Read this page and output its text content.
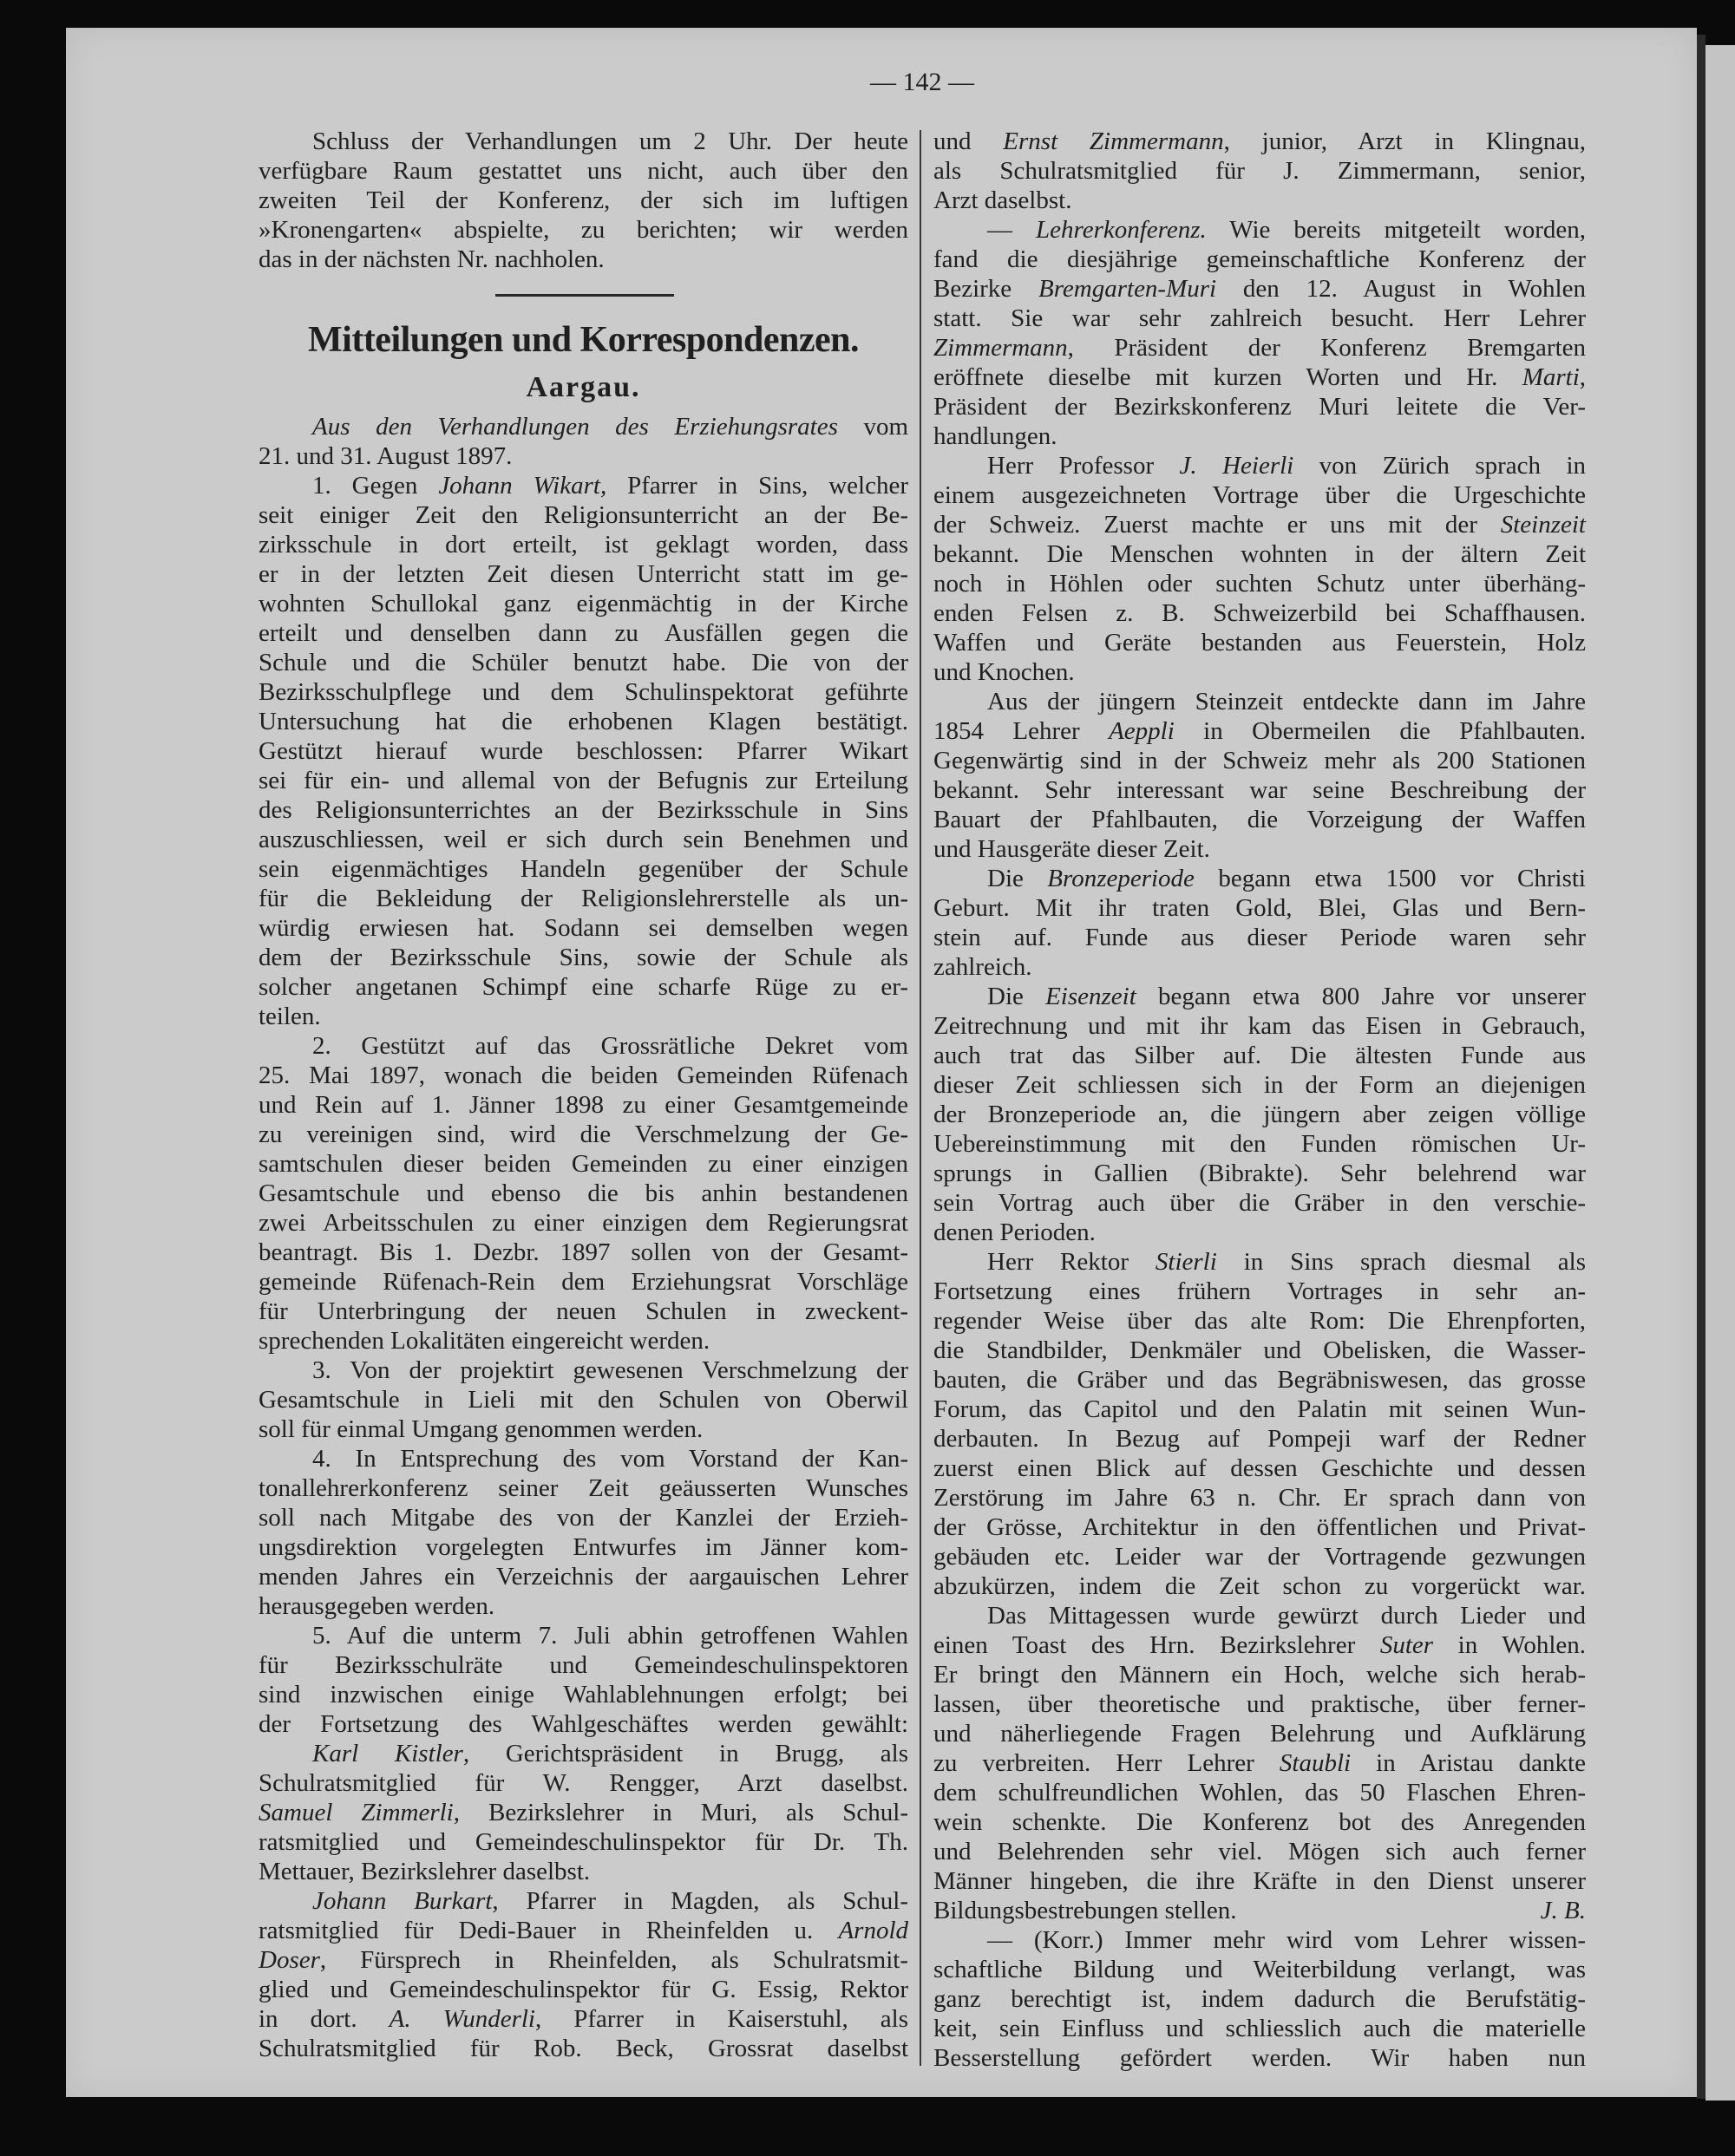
— 142 —
Schluss der Verhandlungen um 2 Uhr. Der heute
verfügbare Raum gestattet uns nicht, auch über den
zweiten Teil der Konferenz, der sich im luftigen
»Kronengarten« abspielte, zu berichten; wir werden
das in der nächsten Nr. nachholen.
Mitteilungen und Korrespondenzen.
Aargau.
Aus den Verhandlungen des Erziehungsrates vom
21. und 31. August 1897.
1. Gegen Johann Wikart, Pfarrer in Sins, welcher
seit einiger Zeit den Religionsunterricht an der Be-
zirksschule in dort erteilt, ist geklagt worden, dass
er in der letzten Zeit diesen Unterricht statt im ge-
wohnten Schullokal ganz eigenmächtig in der Kirche
erteilt und denselben dann zu Ausfällen gegen die
Schule und die Schüler benutzt habe. Die von der
Bezirksschulpflege und dem Schulinspektorat geführte
Untersuchung hat die erhobenen Klagen bestätigt.
Gestützt hierauf wurde beschlossen: Pfarrer Wikart
sei für ein- und allemal von der Befugnis zur Erteilung
des Religionsunterrichtes an der Bezirksschule in Sins
auszuschliessen, weil er sich durch sein Benehmen und
sein eigenmächtiges Handeln gegenüber der Schule
für die Bekleidung der Religionslehrerstelle als un-
würdig erwiesen hat. Sodann sei demselben wegen
dem der Bezirksschule Sins, sowie der Schule als
solcher angetanen Schimpf eine scharfe Rüge zu er-
teilen.
2. Gestützt auf das Grossrätliche Dekret vom
25. Mai 1897, wonach die beiden Gemeinden Rüfenach
und Rein auf 1. Jänner 1898 zu einer Gesamtgemeinde
zu vereinigen sind, wird die Verschmelzung der Ge-
samtschulen dieser beiden Gemeinden zu einer einzigen
Gesamtschule und ebenso die bis anhin bestandenen
zwei Arbeitsschulen zu einer einzigen dem Regierungsrat
beantragt. Bis 1. Dezbr. 1897 sollen von der Gesamt-
gemeinde Rüfenach-Rein dem Erziehungsrat Vorschläge
für Unterbringung der neuen Schulen in zweckent-
sprechenden Lokalitäten eingereicht werden.
3. Von der projektirt gewesenen Verschmelzung der
Gesamtschule in Lieli mit den Schulen von Oberwil
soll für einmal Umgang genommen werden.
4. In Entsprechung des vom Vorstand der Kan-
tonallehrerkonferenz seiner Zeit geäusserten Wunsches
soll nach Mitgabe des von der Kanzlei der Erzieh-
ungsdirektion vorgelegten Entwurfes im Jänner kom-
menden Jahres ein Verzeichnis der aargauischen Lehrer
herausgegeben werden.
5. Auf die unterm 7. Juli abhin getroffenen Wahlen
für Bezirksschulräte und Gemeindeschulinspektoren
sind inzwischen einige Wahlablehnungen erfolgt; bei
der Fortsetzung des Wahlgeschäftes werden gewählt:
Karl Kistler, Gerichtspräsident in Brugg, als
Schulratsmitglied für W. Rengger, Arzt daselbst.
Samuel Zimmerli, Bezirkslehrer in Muri, als Schul-
ratsmitglied und Gemeindeschulinspektor für Dr. Th.
Mettauer, Bezirkslehrer daselbst.
Johann Burkart, Pfarrer in Magden, als Schul-
ratsmitglied für Dedi-Bauer in Rheinfelden u. Arnold
Doser, Fürsprech in Rheinfelden, als Schulratsmit-
glied und Gemeindeschulinspektor für G. Essig, Rektor
in dort. A. Wunderli, Pfarrer in Kaiserstuhl, als
Schulratsmitglied für Rob. Beck, Grossrat daselbst
und Ernst Zimmermann, junior, Arzt in Klingnau,
als Schulratsmitglied für J. Zimmermann, senior,
Arzt daselbst.
— Lehrerkonferenz. Wie bereits mitgeteilt worden,
fand die diesjährige gemeinschaftliche Konferenz der
Bezirke Bremgarten-Muri den 12. August in Wohlen
statt. Sie war sehr zahlreich besucht. Herr Lehrer
Zimmermann, Präsident der Konferenz Bremgarten
eröffnete dieselbe mit kurzen Worten und Hr. Marti,
Präsident der Bezirkskonferenz Muri leitete die Ver-
handlungen.
Herr Professor J. Heierli von Zürich sprach in
einem ausgezeichneten Vortrage über die Urgeschichte
der Schweiz. Zuerst machte er uns mit der Steinzeit
bekannt. Die Menschen wohnten in der ältern Zeit
noch in Höhlen oder suchten Schutz unter überhäng-
enden Felsen z. B. Schweizerbild bei Schaffhausen.
Waffen und Geräte bestanden aus Feuerstein, Holz
und Knochen.
Aus der jüngern Steinzeit entdeckte dann im Jahre
1854 Lehrer Aeppli in Obermeilen die Pfahlbauten.
Gegenwärtig sind in der Schweiz mehr als 200 Stationen
bekannt. Sehr interessant war seine Beschreibung der
Bauart der Pfahlbauten, die Vorzeigung der Waffen
und Hausgeräte dieser Zeit.
Die Bronzeperiode begann etwa 1500 vor Christi
Geburt. Mit ihr traten Gold, Blei, Glas und Bern-
stein auf. Funde aus dieser Periode waren sehr
zahlreich.
Die Eisenzeit begann etwa 800 Jahre vor unserer
Zeitrechnung und mit ihr kam das Eisen in Gebrauch,
auch trat das Silber auf. Die ältesten Funde aus
dieser Zeit schliessen sich in der Form an diejenigen
der Bronzeperiode an, die jüngern aber zeigen völlige
Uebereinstimmung mit den Funden römischen Ur-
sprungs in Gallien (Bibrakte). Sehr belehrend war
sein Vortrag auch über die Gräber in den verschie-
denen Perioden.
Herr Rektor Stierli in Sins sprach diesmal als
Fortsetzung eines frühern Vortrages in sehr an-
regender Weise über das alte Rom: Die Ehrenpforten,
die Standbilder, Denkmäler und Obelisken, die Wasser-
bauten, die Gräber und das Begräbniswesen, das grosse
Forum, das Capitol und den Palatin mit seinen Wun-
derbauten. In Bezug auf Pompeji warf der Redner
zuerst einen Blick auf dessen Geschichte und dessen
Zerstörung im Jahre 63 n. Chr. Er sprach dann von
der Grösse, Architektur in den öffentlichen und Privat-
gebäuden etc. Leider war der Vortragende gezwungen
abzukürzen, indem die Zeit schon zu vorgerückt war.
Das Mittagessen wurde gewürzt durch Lieder und
einen Toast des Hrn. Bezirkslehrer Suter in Wohlen.
Er bringt den Männern ein Hoch, welche sich herab-
lassen, über theoretische und praktische, über ferner-
und näherliegende Fragen Belehrung und Aufklärung
zu verbreiten. Herr Lehrer Staubli in Aristau dankte
dem schulfreundlichen Wohlen, das 50 Flaschen Ehren-
wein schenkte. Die Konferenz bot des Anregenden
und Belehrenden sehr viel. Mögen sich auch ferner
Männer hingeben, die ihre Kräfte in den Dienst unserer
J. B.
Bildungsbestrebungen stellen.
— (Korr.) Immer mehr wird vom Lehrer wissen-
schaftliche Bildung und Weiterbildung verlangt, was
ganz berechtigt ist, indem dadurch die Berufstätig-
keit, sein Einfluss und schliesslich auch die materielle
Besserstellung gefördert werden. Wir haben nun
